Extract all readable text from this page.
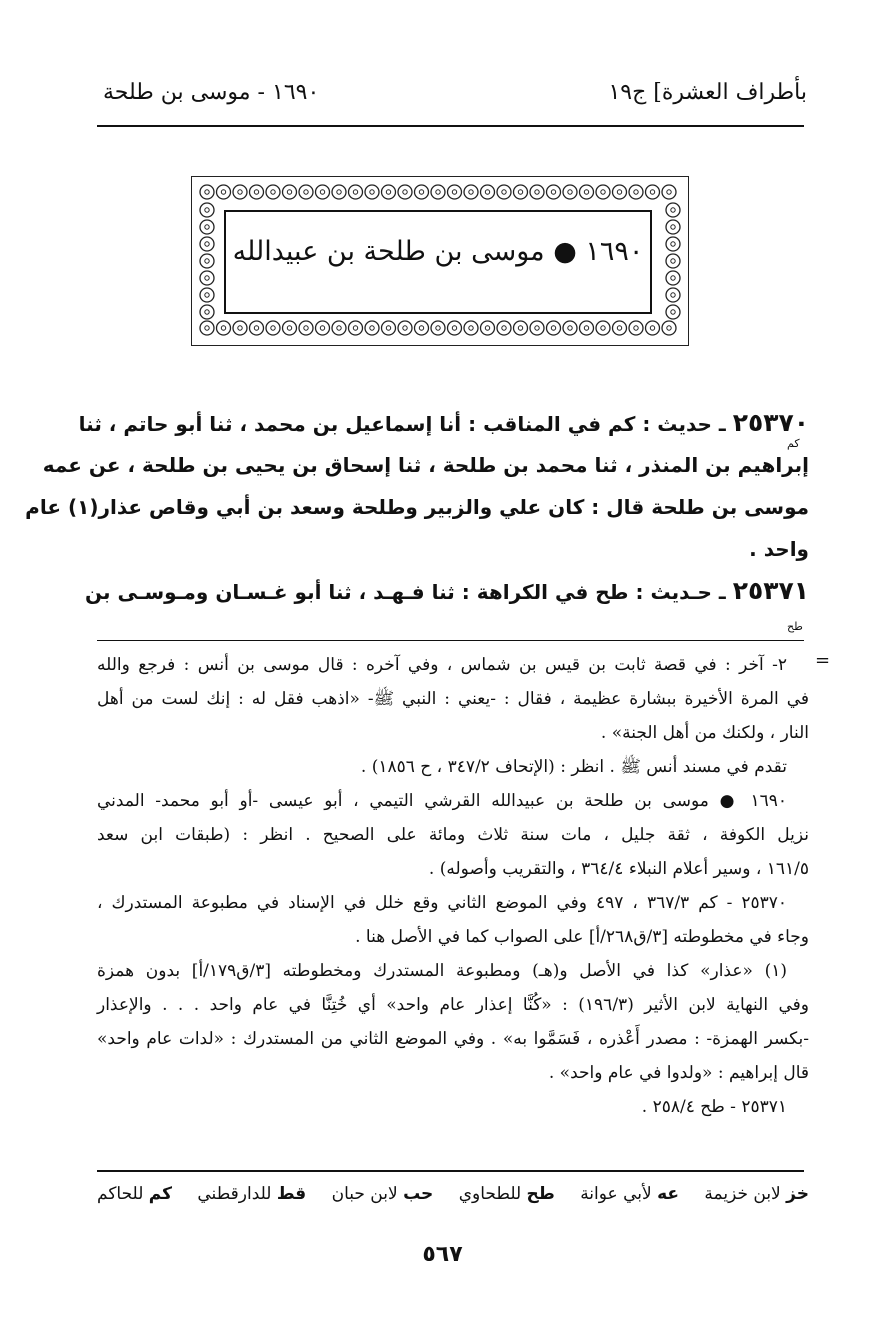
بأطراف العشرة] ج١٩
١٦٩٠ - موسى بن طلحة
١٦٩٠ ● موسى بن طلحة بن عبيدالله
٢٥٣٧٠ ـ حديث : كم في المناقب : أنا إسماعيل بن محمد ، ثنا أبو حاتم ، ثنا
إبراهيم بن المنذر ، ثنا محمد بن طلحة ، ثنا إسحاق بن يحيى بن طلحة ، عن عمه
موسى بن طلحة قال : كان علي والزبير وطلحة وسعد بن أبي وقاص عذار(١) عام
واحد .
٢٥٣٧١ ـ حـديث : طح في الكراهة : ثنا فـهـد ، ثنا أبو غـسـان ومـوسـى بن
كم
طح
=
٢- آخر : في قصة ثابت بن قيس بن شماس ، وفي آخره : قال موسى بن أنس : فرجع والله
في المرة الأخيرة ببشارة عظيمة ، فقال : -يعني : النبي ﷺ- «اذهب فقل له : إنك لست من أهل
النار ، ولكنك من أهل الجنة» .
تقدم في مسند أنس ﷺ . انظر : (الإتحاف ٣٤٧/٢ ، ح ١٨٥٦) .
١٦٩٠ ● موسى بن طلحة بن عبيدالله القرشي التيمي ، أبو عيسى -أو أبو محمد- المدني
نزيل الكوفة ، ثقة جليل ، مات سنة ثلاث ومائة على الصحيح . انظر : (طبقات ابن سعد
١٦١/٥ ، وسير أعلام النبلاء ٣٦٤/٤ ، والتقريب وأصوله) .
٢٥٣٧٠ - كم ٣٦٧/٣ ، ٤٩٧ وفي الموضع الثاني وقع خلل في الإسناد في مطبوعة المستدرك ،
وجاء في مخطوطته [٣/ق٢٦٨/أ] على الصواب كما في الأصل هنا .
(١) «عذار» كذا في الأصل و(هـ) ومطبوعة المستدرك ومخطوطته [٣/ق١٧٩/أ] بدون همزة
وفي النهاية لابن الأثير (١٩٦/٣) : «كُنَّا إعذار عام واحد» أي خُتِنَّا في عام واحد . . . والإعذار
-بكسر الهمزة- : مصدر أَعْذره ، فَسَمَّوا به» . وفي الموضع الثاني من المستدرك : «لدات عام واحد»
قال إبراهيم : «ولدوا في عام واحد» .
٢٥٣٧١ - طح ٢٥٨/٤ .
خز لابن خزيمة
عه لأبي عوانة
طح للطحاوي
حب لابن حبان
قط للدارقطني
كم للحاكم
٥٦٧
